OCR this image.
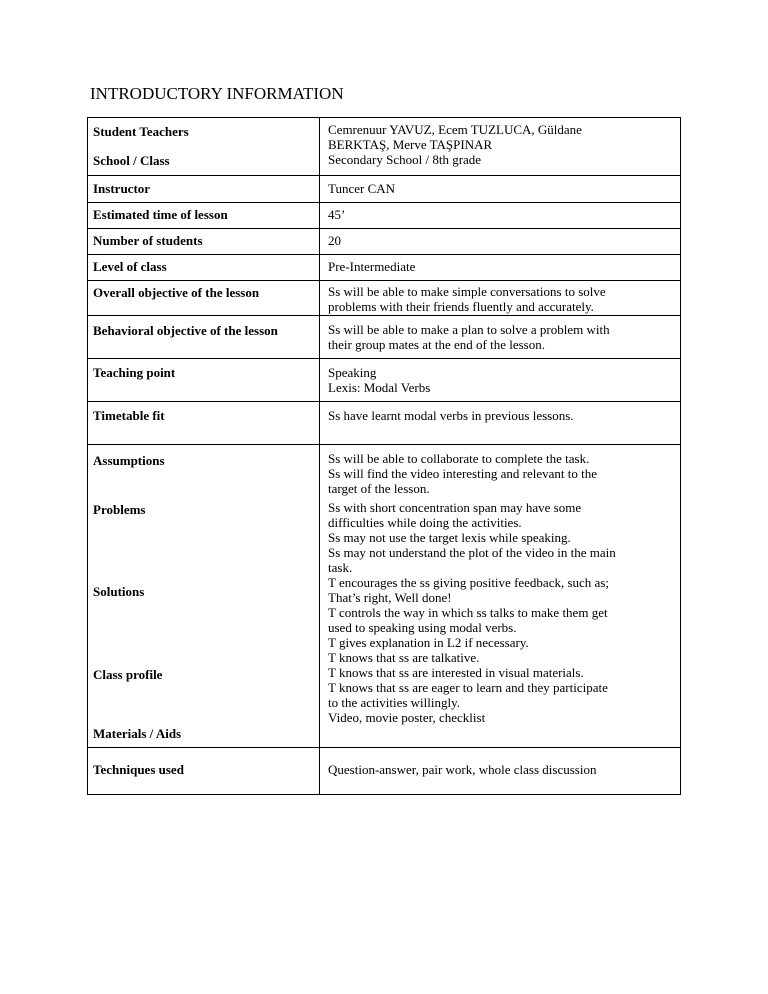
INTRODUCTORY INFORMATION
Student Teachers
School / Class
Instructor
Estimated time of lesson
Number of students
Level of class
Overall objective of the lesson
Behavioral objective of the lesson
Teaching point
Timetable fit
Assumptions
Problems
Solutions
Class profile
Materials / Aids
Techniques used
Cemrenuur YAVUZ, Ecem TUZLUCA, Güldane
BERKTAŞ, Merve TAŞPINAR
Secondary School / 8th grade
Tuncer CAN
45’
20
Pre-Intermediate
Ss will be able to make simple conversations to solve
problems with their friends fluently and accurately.
Ss will be able to make a plan to solve a problem with
their group mates at the end of the lesson.
Speaking
Lexis: Modal Verbs
Ss have learnt modal verbs in previous lessons.
Ss will be able to collaborate to complete the task.
Ss will find the video interesting and relevant to the
target of the lesson.
Ss with short concentration span may have some
difficulties while doing the activities.
Ss may not use the target lexis while speaking.
Ss may not understand the plot of the video in the main
task.
T encourages the ss giving positive feedback, such as;
That’s right, Well done!
T controls the way in which ss talks to make them get
used to speaking using modal verbs.
T gives explanation in L2 if necessary.
T knows that ss are talkative.
T knows that ss are interested in visual materials.
T knows that ss are eager to learn and they participate
to the activities willingly.
Video, movie poster, checklist
Question-answer, pair work, whole class discussion
